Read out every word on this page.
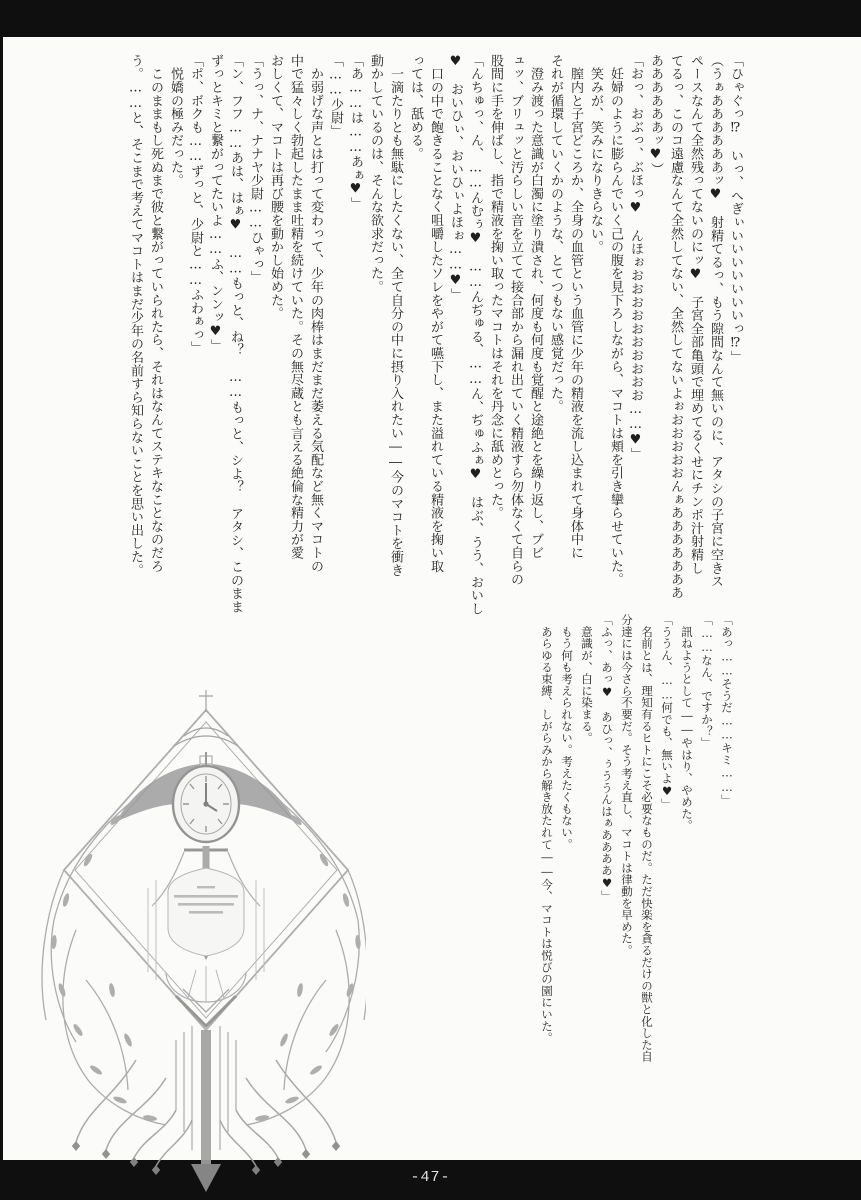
「ひゃぐっ⁉　いっ、へぎぃいいいいいいいっ⁉」

（うぁああああああッ♥　射精てるっ、もう隙間なんて無いのに、アタシの子宮に空きス

ペースなんて全然残ってないのにッ♥　子宮全部亀頭で埋めてるくせにチンポ汁射精し

てるっ、このコ遠慮なんて全然してない、全然してないよぉおおおおおんぁあああああああ

ああああああッ♥）

「おっ、おぶっ、ぶほっ♥　んほぉおおおおおおおおおお……♥」

　妊婦のように膨らんでいく己の腹を見下ろしながら、マコトは頬を引き攣らせていた。

　笑みが、笑みになりきらない。

　膣内と子宮どころか、全身の血管という血管に少年の精液を流し込まれて身体中に

それが循環していくかのような、とてつもない感覚だった。

　澄み渡った意識が白濁に塗り潰され、何度も何度も覚醒と途絶とを繰り返し、ブビ

ュッ、ブリュッと汚らしい音を立てて接合部から漏れ出ていく精液すら勿体なくて自らの

股間に手を伸ばし、指で精液を掬い取ったマコトはそれを丹念に舐めとった。

「んちゅっ、ん、……んむぅ♥　……んぢゅる、……ん、ぢゅふぁ♥　はぶ、うう、おいし

♥　おいひぃ、おいひぃよほぉ……♥」

　口の中で飽きることなく咀嚼したソレをやがて嚥下し、また溢れている精液を掬い取

っては、舐める。

　一滴たりとも無駄にしたくない、全て自分の中に摂り入れたい――今のマコトを衝き

動かしているのは、そんな欲求だった。

「あ……は……あぁ♥」

「……少尉」

　か弱げな声とは打って変わって、少年の肉棒はまだまだ萎える気配など無くマコトの

中で猛々しく勃起したまま吐精を続けていた。その無尽蔵とも言える絶倫な精力が愛

おしくて、マコトは再び腰を動かし始めた。

「うっ、ナ、ナナヤ少尉……ひゃっ」

「ン、フフ……あは、はぁ♥　……もっと、ね？　……もっと、シよ？　アタシ、このまま

ずっとキミと繋がってたいよ……ふ、ンンッ♥」

「ポ、ボクも……ずっと、少尉と……ふわぁっ」

　悦嬌の極みだった。

　このままもし死ぬまで彼と繋がっていられたら、それはなんてステキなことなのだろ

う。……と、そこまで考えてマコトはまだ少年の名前すら知らないことを思い出した。

「あっ……そうだ……キミ……」

「……なん、ですか？」

　訊ねようとして――やはり、やめた。

「ううん、……何でも、無いよ♥」

　名前とは、理知有るヒトにこそ必要なものだ。ただ快楽を貪るだけの獣と化した自

分達には今さら不要だ。そう考え直し、マコトは律動を早めた。

「ふっ、あっ♥　あひっ、ぅううんはぁああああ♥」

　意識が、白に染まる。

　もう何も考えられない。考えたくもない。

　あらゆる束縛、しがらみから解き放たれて――今、マコトは悦びの園にいた。

-47-
